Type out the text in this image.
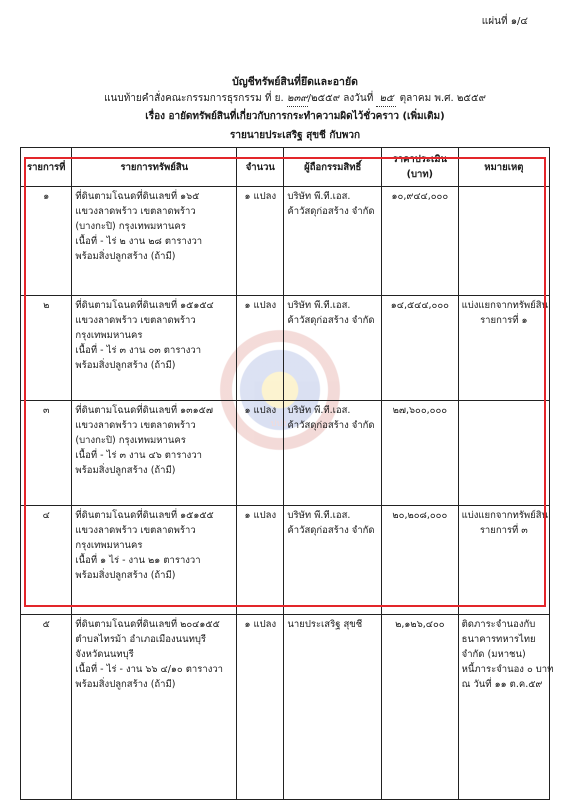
แผ่นที่ ๑/๔
บัญชีทรัพย์สินที่ยึดและอายัด
แนบท้ายคำสั่งคณะกรรมการธุรกรรม ที่ ย. ๒๓๙/๒๕๕๙ ลงวันที่ ๒๕ ตุลาคม พ.ศ. ๒๕๕๙
เรื่อง อายัดทรัพย์สินที่เกี่ยวกับการกระทำความผิดไว้ชั่วคราว (เพิ่มเติม)
รายนายประเสริฐ สุขชี กับพวก
ปปง.
รายการที่	รายการทรัพย์สิน	จำนวน	ผู้ถือกรรมสิทธิ์	ราคาประเมิน (บาท)	หมายเหตุ
๑	ที่ดินตามโฉนดที่ดินเลขที่ ๑๖๕
แขวงลาดพร้าว เขตลาดพร้าว
(บางกะปิ) กรุงเทพมหานคร
เนื้อที่ - ไร่ ๒ งาน ๒๘ ตารางวา
พร้อมสิ่งปลูกสร้าง (ถ้ามี)	๑ แปลง	บริษัท พี.ที.เอส.
ค้าวัสดุก่อสร้าง จำกัด	๑๐,๙๔๔,๐๐๐	
๒	ที่ดินตามโฉนดที่ดินเลขที่ ๑๕๑๕๔
แขวงลาดพร้าว เขตลาดพร้าว
กรุงเทพมหานคร
เนื้อที่ - ไร่ ๓ งาน ๐๓ ตารางวา
พร้อมสิ่งปลูกสร้าง (ถ้ามี)	๑ แปลง	บริษัท พี.ที.เอส.
ค้าวัสดุก่อสร้าง จำกัด	๑๔,๕๔๔,๐๐๐	แบ่งแยกจากทรัพย์สิน
รายการที่ ๑

๓	ที่ดินตามโฉนดที่ดินเลขที่ ๑๓๑๕๗
แขวงลาดพร้าว เขตลาดพร้าว
(บางกะปิ) กรุงเทพมหานคร
เนื้อที่ - ไร่ ๓ งาน ๔๖ ตารางวา
พร้อมสิ่งปลูกสร้าง (ถ้ามี)	๑ แปลง	บริษัท พี.ที.เอส.
ค้าวัสดุก่อสร้าง จำกัด	๒๗,๖๐๐,๐๐๐	
๔	ที่ดินตามโฉนดที่ดินเลขที่ ๑๕๑๕๕
แขวงลาดพร้าว เขตลาดพร้าว
กรุงเทพมหานคร
เนื้อที่ ๑ ไร่ - งาน ๒๑ ตารางวา
พร้อมสิ่งปลูกสร้าง (ถ้ามี)	๑ แปลง	บริษัท พี.ที.เอส.
ค้าวัสดุก่อสร้าง จำกัด	๒๐,๒๐๘,๐๐๐	แบ่งแยกจากทรัพย์สิน
รายการที่ ๓

๕	ที่ดินตามโฉนดที่ดินเลขที่ ๒๐๔๑๕๕
ตำบลไทรม้า อำเภอเมืองนนทบุรี
จังหวัดนนทบุรี
เนื้อที่ - ไร่ - งาน ๖๖ ๔/๑๐ ตารางวา
พร้อมสิ่งปลูกสร้าง (ถ้ามี)	๑ แปลง	นายประเสริฐ สุขชี	๒,๑๒๖,๔๐๐	ติดภาระจำนองกับ
ธนาคารทหารไทย
จำกัด (มหาชน)
หนี้ภาระจำนอง ๐ บาท
ณ วันที่ ๑๑ ต.ค.๕๙
